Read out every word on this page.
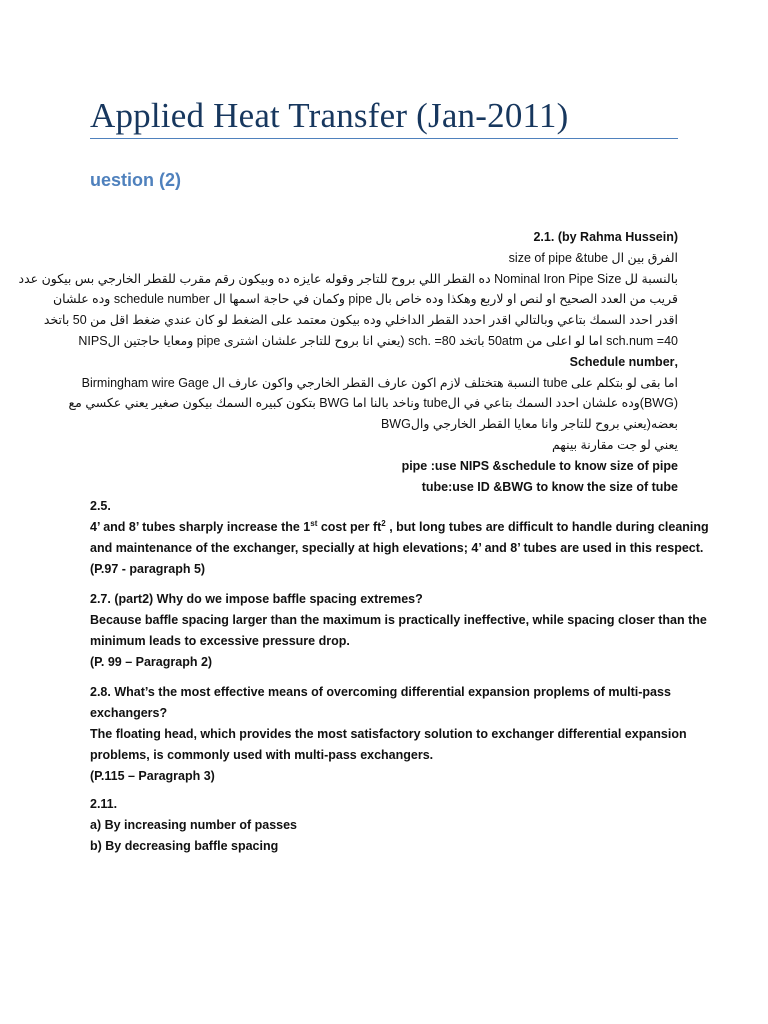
Applied Heat Transfer (Jan-2011)
uestion (2)
(by Rahma Hussein) .2.1
الفرق بين ال size of pipe &tube
بالنسبة لل Nominal Iron Pipe Size ده القطر اللي بروح للتاجر وقوله عايزه ده وبيكون رقم مقرب للقطر الخارجي بس بيكون عدد
قريب من العدد الصحيح او لنص او لاربع وهكذا وده خاص بال pipe وكمان في حاجة اسمها ال schedule number وده علشان
اقدر احدد السمك بتاعي وبالتالي اقدر احدد القطر الداخلي وده بيكون معتمد على الضغط لو كان عندي ضغط اقل من 50 باتخد
sch.num =40 اما لو اعلى من 50atm باتخد sch. =80 (يعني انا بروح للتاجر علشان اشترى pipe ومعايا حاجتين الNIPS
,Schedule number
اما بقى لو بتكلم على tube النسبة هتختلف لازم اكون عارف القطر الخارجي واكون عارف ال Birmingham wire Gage
(BWG)وده علشان احدد السمك بتاعي في الtube وناخد بالنا اما BWG بتكون كبيره السمك بيكون صغير يعني عكسي مع
بعضه(يعني بروح للتاجر وانا معايا القطر الخارجي والBWG
يعني لو جت مقارنة بينهم
pipe :use NIPS &schedule to know size of pipe
tube:use ID &BWG to know the size of tube
2.5.
4’ and 8’ tubes sharply increase the 1st cost per $ft^2$ , but long tubes are difficult to handle during cleaning
and maintenance of the exchanger, specially at high elevations; 4’ and 8’ tubes are used in this respect.
(P.97 - paragraph 5)
2.7. (part2) Why do we impose baffle spacing extremes?
Because baffle spacing larger than the maximum is practically ineffective, while spacing closer than the
minimum leads to excessive pressure drop.
(P. 99 – Paragraph 2)
2.8. What’s the most effective means of overcoming differential expansion proplems of multi-pass
exchangers?
The floating head, which provides the most satisfactory solution to exchanger differential expansion
problems, is commonly used with multi-pass exchangers.
(P.115 – Paragraph 3)
2.11.
a) By increasing number of passes
b) By decreasing baffle spacing
